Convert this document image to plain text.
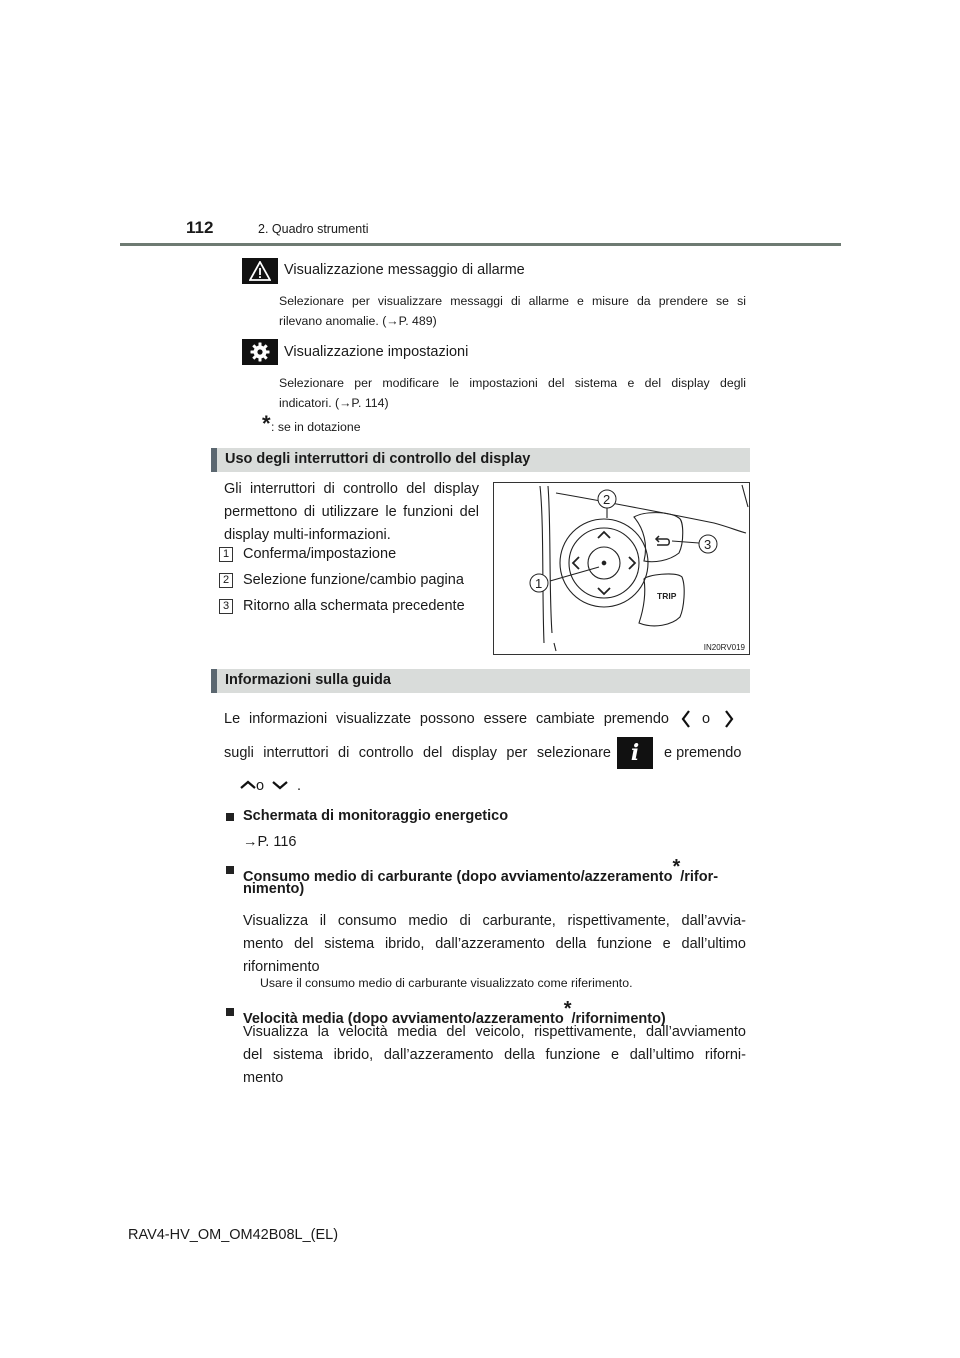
112	2. Quadro strumenti
Visualizzazione messaggio di allarme
Selezionare per visualizzare messaggi di allarme e misure da prendere se si
rilevano anomalie. (→P. 489)
Visualizzazione impostazioni
Selezionare per modificare le impostazioni del sistema e del display degli
indicatori. (→P. 114)
* : se in dotazione
Uso degli interruttori di controllo del display
Gli interruttori di controllo del display
permettono di utilizzare le funzioni del
display multi-informazioni.
1 Conferma/impostazione
2 Selezione funzione/cambio pagina
3 Ritorno alla schermata precedente
TRIP
2
3
1
IN20RV019
Informazioni sulla guida
Le informazioni visualizzate possono essere cambiate premendo o
sugli interruttori di controllo del display per selezionare i	e premendo
o .
Schermata di monitoraggio energetico
→P. 116
Consumo medio di carburante (dopo avviamento/azzeramento*/rifor-
nimento)
Visualizza il consumo medio di carburante, rispettivamente, dall’avvia-
mento del sistema ibrido, dall’azzeramento della funzione e dall’ultimo
rifornimento
Usare il consumo medio di carburante visualizzato come riferimento.
Velocità media (dopo avviamento/azzeramento*/rifornimento)
Visualizza la velocità media del veicolo, rispettivamente, dall’avviamento
del sistema ibrido, dall’azzeramento della funzione e dall’ultimo riforni-
mento
RAV4-HV_OM_OM42B08L_(EL)
